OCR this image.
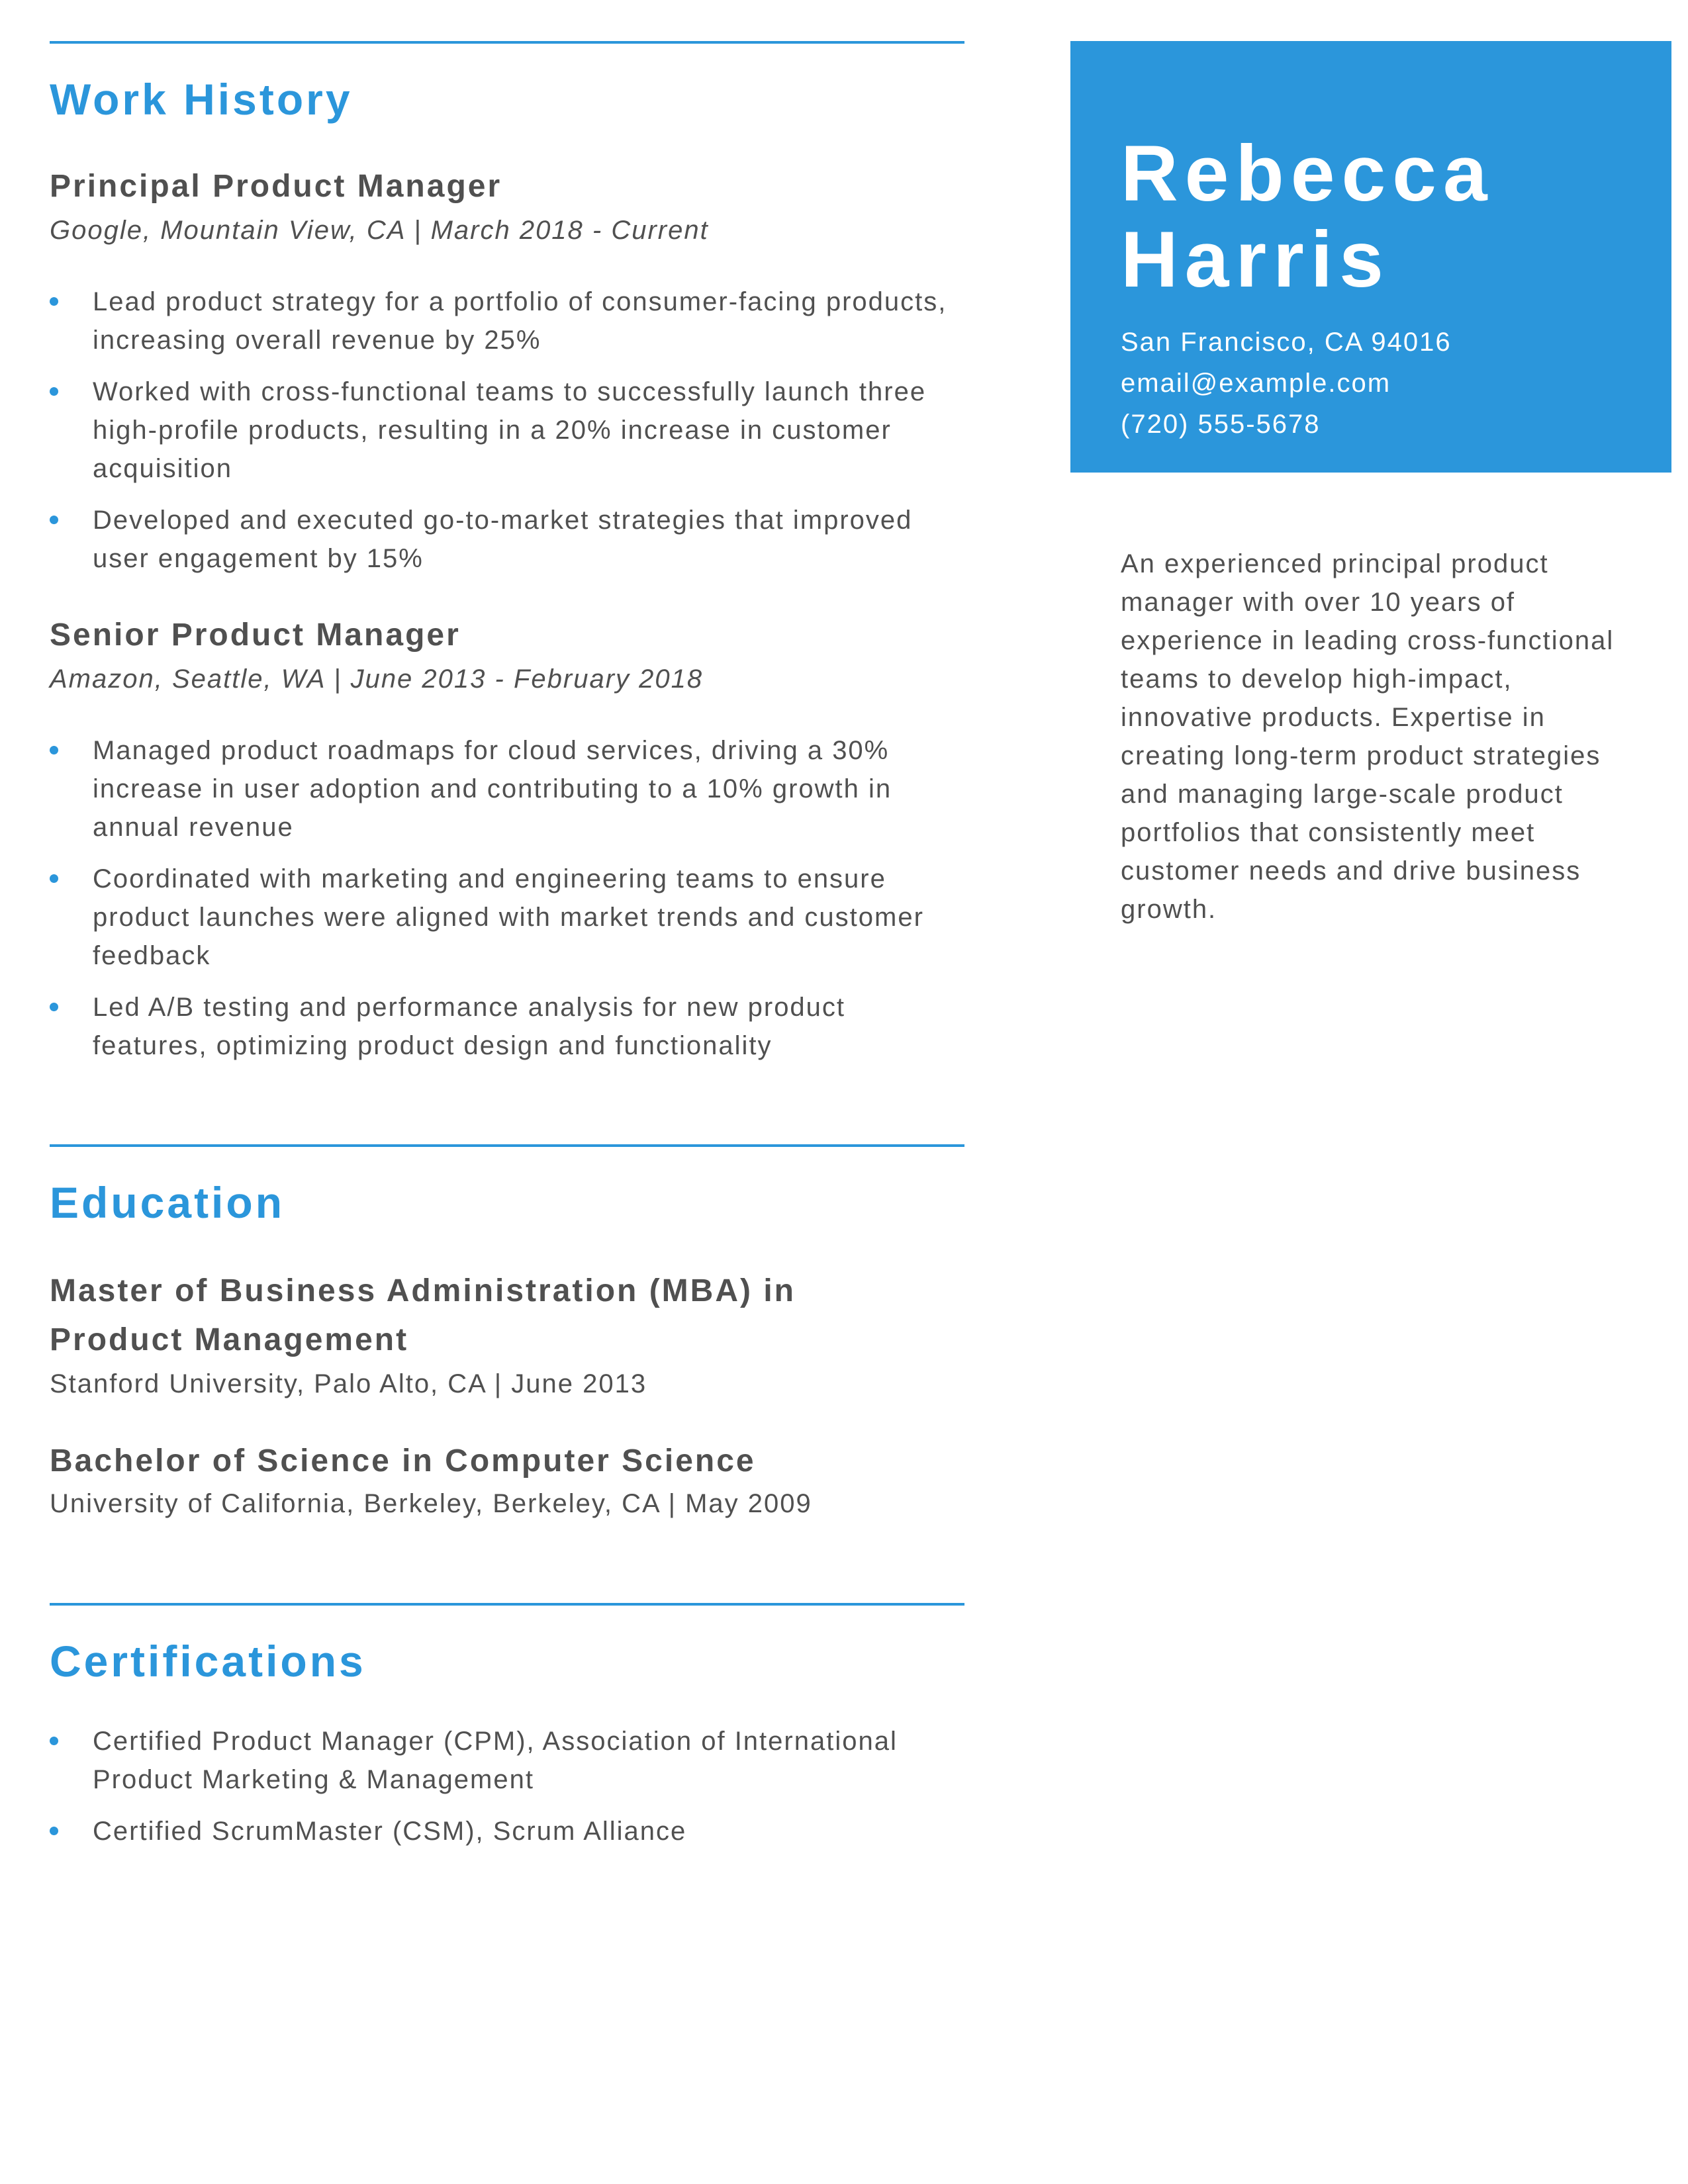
Rebecca
Harris
San Francisco, CA 94016
email@example.com
(720) 555-5678
An experienced principal product manager with over 10 years of experience in leading cross-functional teams to develop high-impact, innovative products. Expertise in creating long-term product strategies and managing large-scale product portfolios that consistently meet customer needs and drive business growth.
Work History
Principal Product Manager
Google, Mountain View, CA | March 2018 - Current
Lead product strategy for a portfolio of consumer-facing products, increasing overall revenue by 25%
Worked with cross-functional teams to successfully launch three high-profile products, resulting in a 20% increase in customer acquisition
Developed and executed go-to-market strategies that improved user engagement by 15%
Senior Product Manager
Amazon, Seattle, WA | June 2013 - February 2018
Managed product roadmaps for cloud services, driving a 30% increase in user adoption and contributing to a 10% growth in annual revenue
Coordinated with marketing and engineering teams to ensure product launches were aligned with market trends and customer feedback
Led A/B testing and performance analysis for new product features, optimizing product design and functionality
Education
Master of Business Administration (MBA) in
Product Management
Stanford University, Palo Alto, CA | June 2013
Bachelor of Science in Computer Science
University of California, Berkeley, Berkeley, CA | May 2009
Certifications
Certified Product Manager (CPM), Association of International Product Marketing & Management
Certified ScrumMaster (CSM), Scrum Alliance
